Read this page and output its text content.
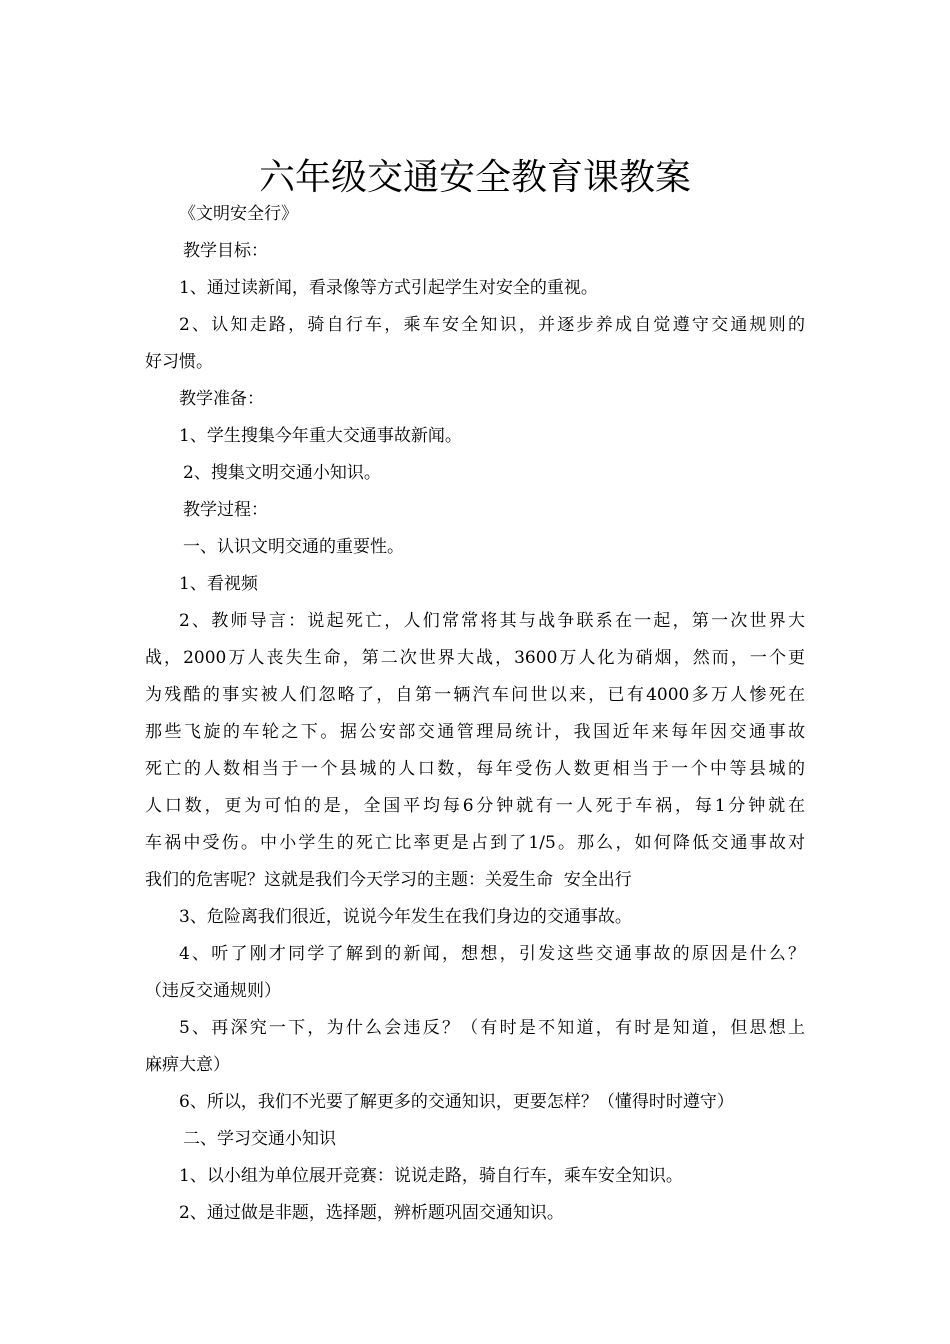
六年级交通安全教育课教案

《文明安全行》

教学目标：

1、通过读新闻，看录像等方式引起学生对安全的重视。

2、认知走路，骑自行车，乘车安全知识，并逐步养成自觉遵守交通规则的

好习惯。

教学准备：

1、学生搜集今年重大交通事故新闻。

2、搜集文明交通小知识。

教学过程：

一、认识文明交通的重要性。

1、看视频

2、教师导言：说起死亡，人们常常将其与战争联系在一起，第一次世界大

战，2000万人丧失生命，第二次世界大战，3600万人化为硝烟，然而，一个更

为残酷的事实被人们忽略了，自第一辆汽车问世以来，已有4000多万人惨死在

那些飞旋的车轮之下。据公安部交通管理局统计，我国近年来每年因交通事故

死亡的人数相当于一个县城的人口数，每年受伤人数更相当于一个中等县城的

人口数，更为可怕的是，全国平均每6分钟就有一人死于车祸，每1分钟就在

车祸中受伤。中小学生的死亡比率更是占到了1/5。那么，如何降低交通事故对

我们的危害呢？这就是我们今天学习的主题：关爱生命  安全出行

3、危险离我们很近，说说今年发生在我们身边的交通事故。

4、听了刚才同学了解到的新闻，想想，引发这些交通事故的原因是什么？

（违反交通规则）

5、再深究一下，为什么会违反？（有时是不知道，有时是知道，但思想上

麻痹大意）

6、所以，我们不光要了解更多的交通知识，更要怎样？（懂得时时遵守）

二、学习交通小知识

1、以小组为单位展开竞赛：说说走路，骑自行车，乘车安全知识。

2、通过做是非题，选择题，辨析题巩固交通知识。
